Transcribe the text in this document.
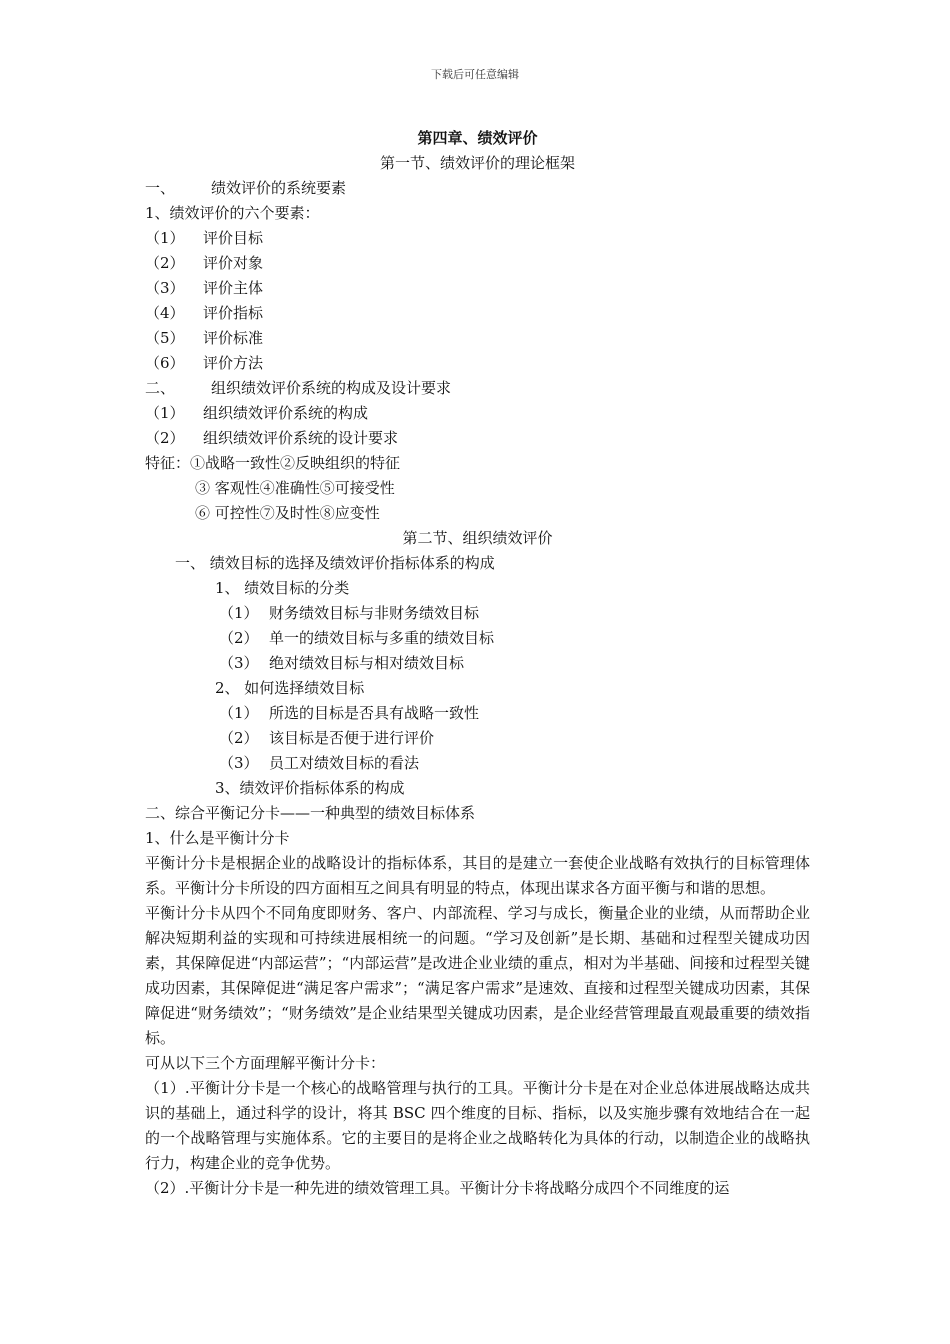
下载后可任意编辑
第四章、绩效评价
第一节、绩效评价的理论框架
一、 绩效评价的系统要素
1、绩效评价的六个要素：
（1） 评价目标
（2） 评价对象
（3） 评价主体
（4） 评价指标
（5） 评价标准
（6） 评价方法
二、 组织绩效评价系统的构成及设计要求
（1） 组织绩效评价系统的构成
（2） 组织绩效评价系统的设计要求
特征：①战略一致性②反映组织的特征
③ 客观性④准确性⑤可接受性
⑥ 可控性⑦及时性⑧应变性
第二节、组织绩效评价
一、 绩效目标的选择及绩效评价指标体系的构成
1、 绩效目标的分类
（1） 财务绩效目标与非财务绩效目标
（2） 单一的绩效目标与多重的绩效目标
（3） 绝对绩效目标与相对绩效目标
2、 如何选择绩效目标
（1） 所选的目标是否具有战略一致性
（2） 该目标是否便于进行评价
（3） 员工对绩效目标的看法
3、绩效评价指标体系的构成
二、综合平衡记分卡——一种典型的绩效目标体系
1、什么是平衡计分卡
平衡计分卡是根据企业的战略设计的指标体系，其目的是建立一套使企业战略有效执行的目标管理体系。平衡计分卡所设的四方面相互之间具有明显的特点，体现出谋求各方面平衡与和谐的思想。
平衡计分卡从四个不同角度即财务、客户、内部流程、学习与成长，衡量企业的业绩，从而帮助企业解决短期利益的实现和可持续进展相统一的问题。“学习及创新”是长期、基础和过程型关键成功因素，其保障促进“内部运营”；“内部运营”是改进企业业绩的重点，相对为半基础、间接和过程型关键成功因素，其保障促进“满足客户需求”；“满足客户需求”是速效、直接和过程型关键成功因素，其保障促进“财务绩效”；“财务绩效”是企业结果型关键成功因素，是企业经营管理最直观最重要的绩效指标。
可从以下三个方面理解平衡计分卡：
（1）.平衡计分卡是一个核心的战略管理与执行的工具。平衡计分卡是在对企业总体进展战略达成共识的基础上，通过科学的设计，将其 BSC 四个维度的目标、指标，以及实施步骤有效地结合在一起的一个战略管理与实施体系。它的主要目的是将企业之战略转化为具体的行动，以制造企业的战略执行力，构建企业的竞争优势。
（2）.平衡计分卡是一种先进的绩效管理工具。平衡计分卡将战略分成四个不同维度的运
